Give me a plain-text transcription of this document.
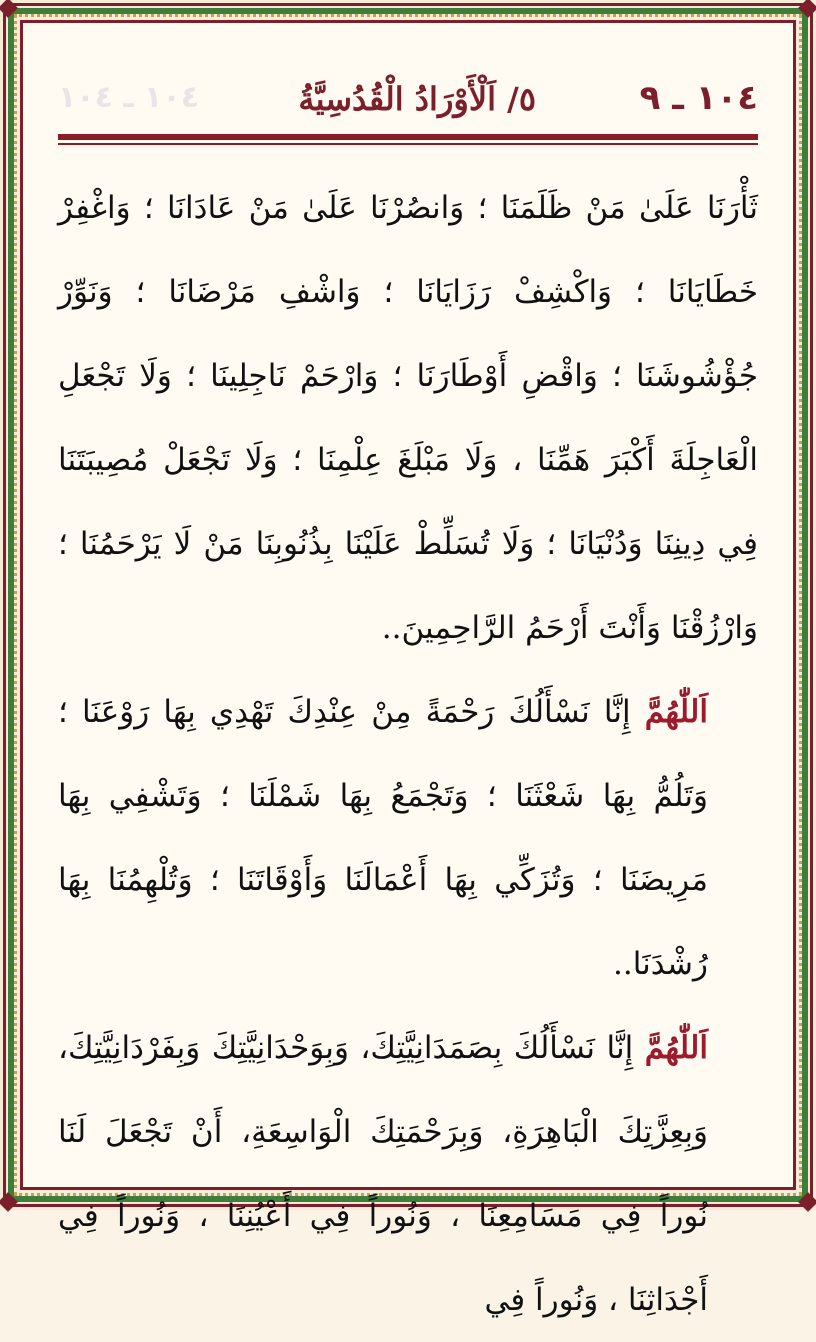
١٠٤ ـ ٩
٥/ اَلْأَوْرَادُ الْقُدُسِيَّةُ
١٠٤ ـ ١٠٤

ثَأْرَنَا عَلَىٰ مَنْ ظَلَمَنَا ؛ وَانصُرْنَا عَلَىٰ مَنْ عَادَانَا ؛ وَاغْفِرْ خَطَايَانَا ؛ وَاكْشِفْ رَزَايَانَا ؛ وَاشْفِ مَرْضَانَا ؛ وَنَوِّرْ جُؤْشُوشَنَا ؛ وَاقْضِ أَوْطَارَنَا ؛ وَارْحَمْ نَاجِلِينَا ؛ وَلَا تَجْعَلِ الْعَاجِلَةَ أَكْبَرَ هَمِّنَا ، وَلَا مَبْلَغَ عِلْمِنَا ؛ وَلَا تَجْعَلْ مُصِيبَتَنَا فِي دِينِنَا وَدُنْيَانَا ؛ وَلَا تُسَلِّطْ عَلَيْنَا بِذُنُوبِنَا مَنْ لَا يَرْحَمُنَا ؛ وَارْزُقْنَا وَأَنْتَ أَرْحَمُ الرَّاحِمِينَ..

اَللّٰهُمَّ إِنَّا نَسْأَلُكَ رَحْمَةً مِنْ عِنْدِكَ تَهْدِي بِهَا رَوْعَنَا ؛ وَتَلُمُّ بِهَا شَعْثَنَا ؛ وَتَجْمَعُ بِهَا شَمْلَنَا ؛ وَتَشْفِي بِهَا مَرِيضَنَا ؛ وَتُزَكِّي بِهَا أَعْمَالَنَا وَأَوْقَاتَنَا ؛ وَتُلْهِمُنَا بِهَا رُشْدَنَا..

اَللّٰهُمَّ إِنَّا نَسْأَلُكَ بِصَمَدَانِيَّتِكَ، وَبِوَحْدَانِيَّتِكَ وَبِفَرْدَانِيَّتِكَ، وَبِعِزَّتِكَ الْبَاهِرَةِ، وَبِرَحْمَتِكَ الْوَاسِعَةِ، أَنْ تَجْعَلَ لَنَا نُوراً فِي مَسَامِعِنَا ، وَنُوراً فِي أَعْيُنِنَا ، وَنُوراً فِي أَجْدَاثِنَا ، وَنُوراً فِي
